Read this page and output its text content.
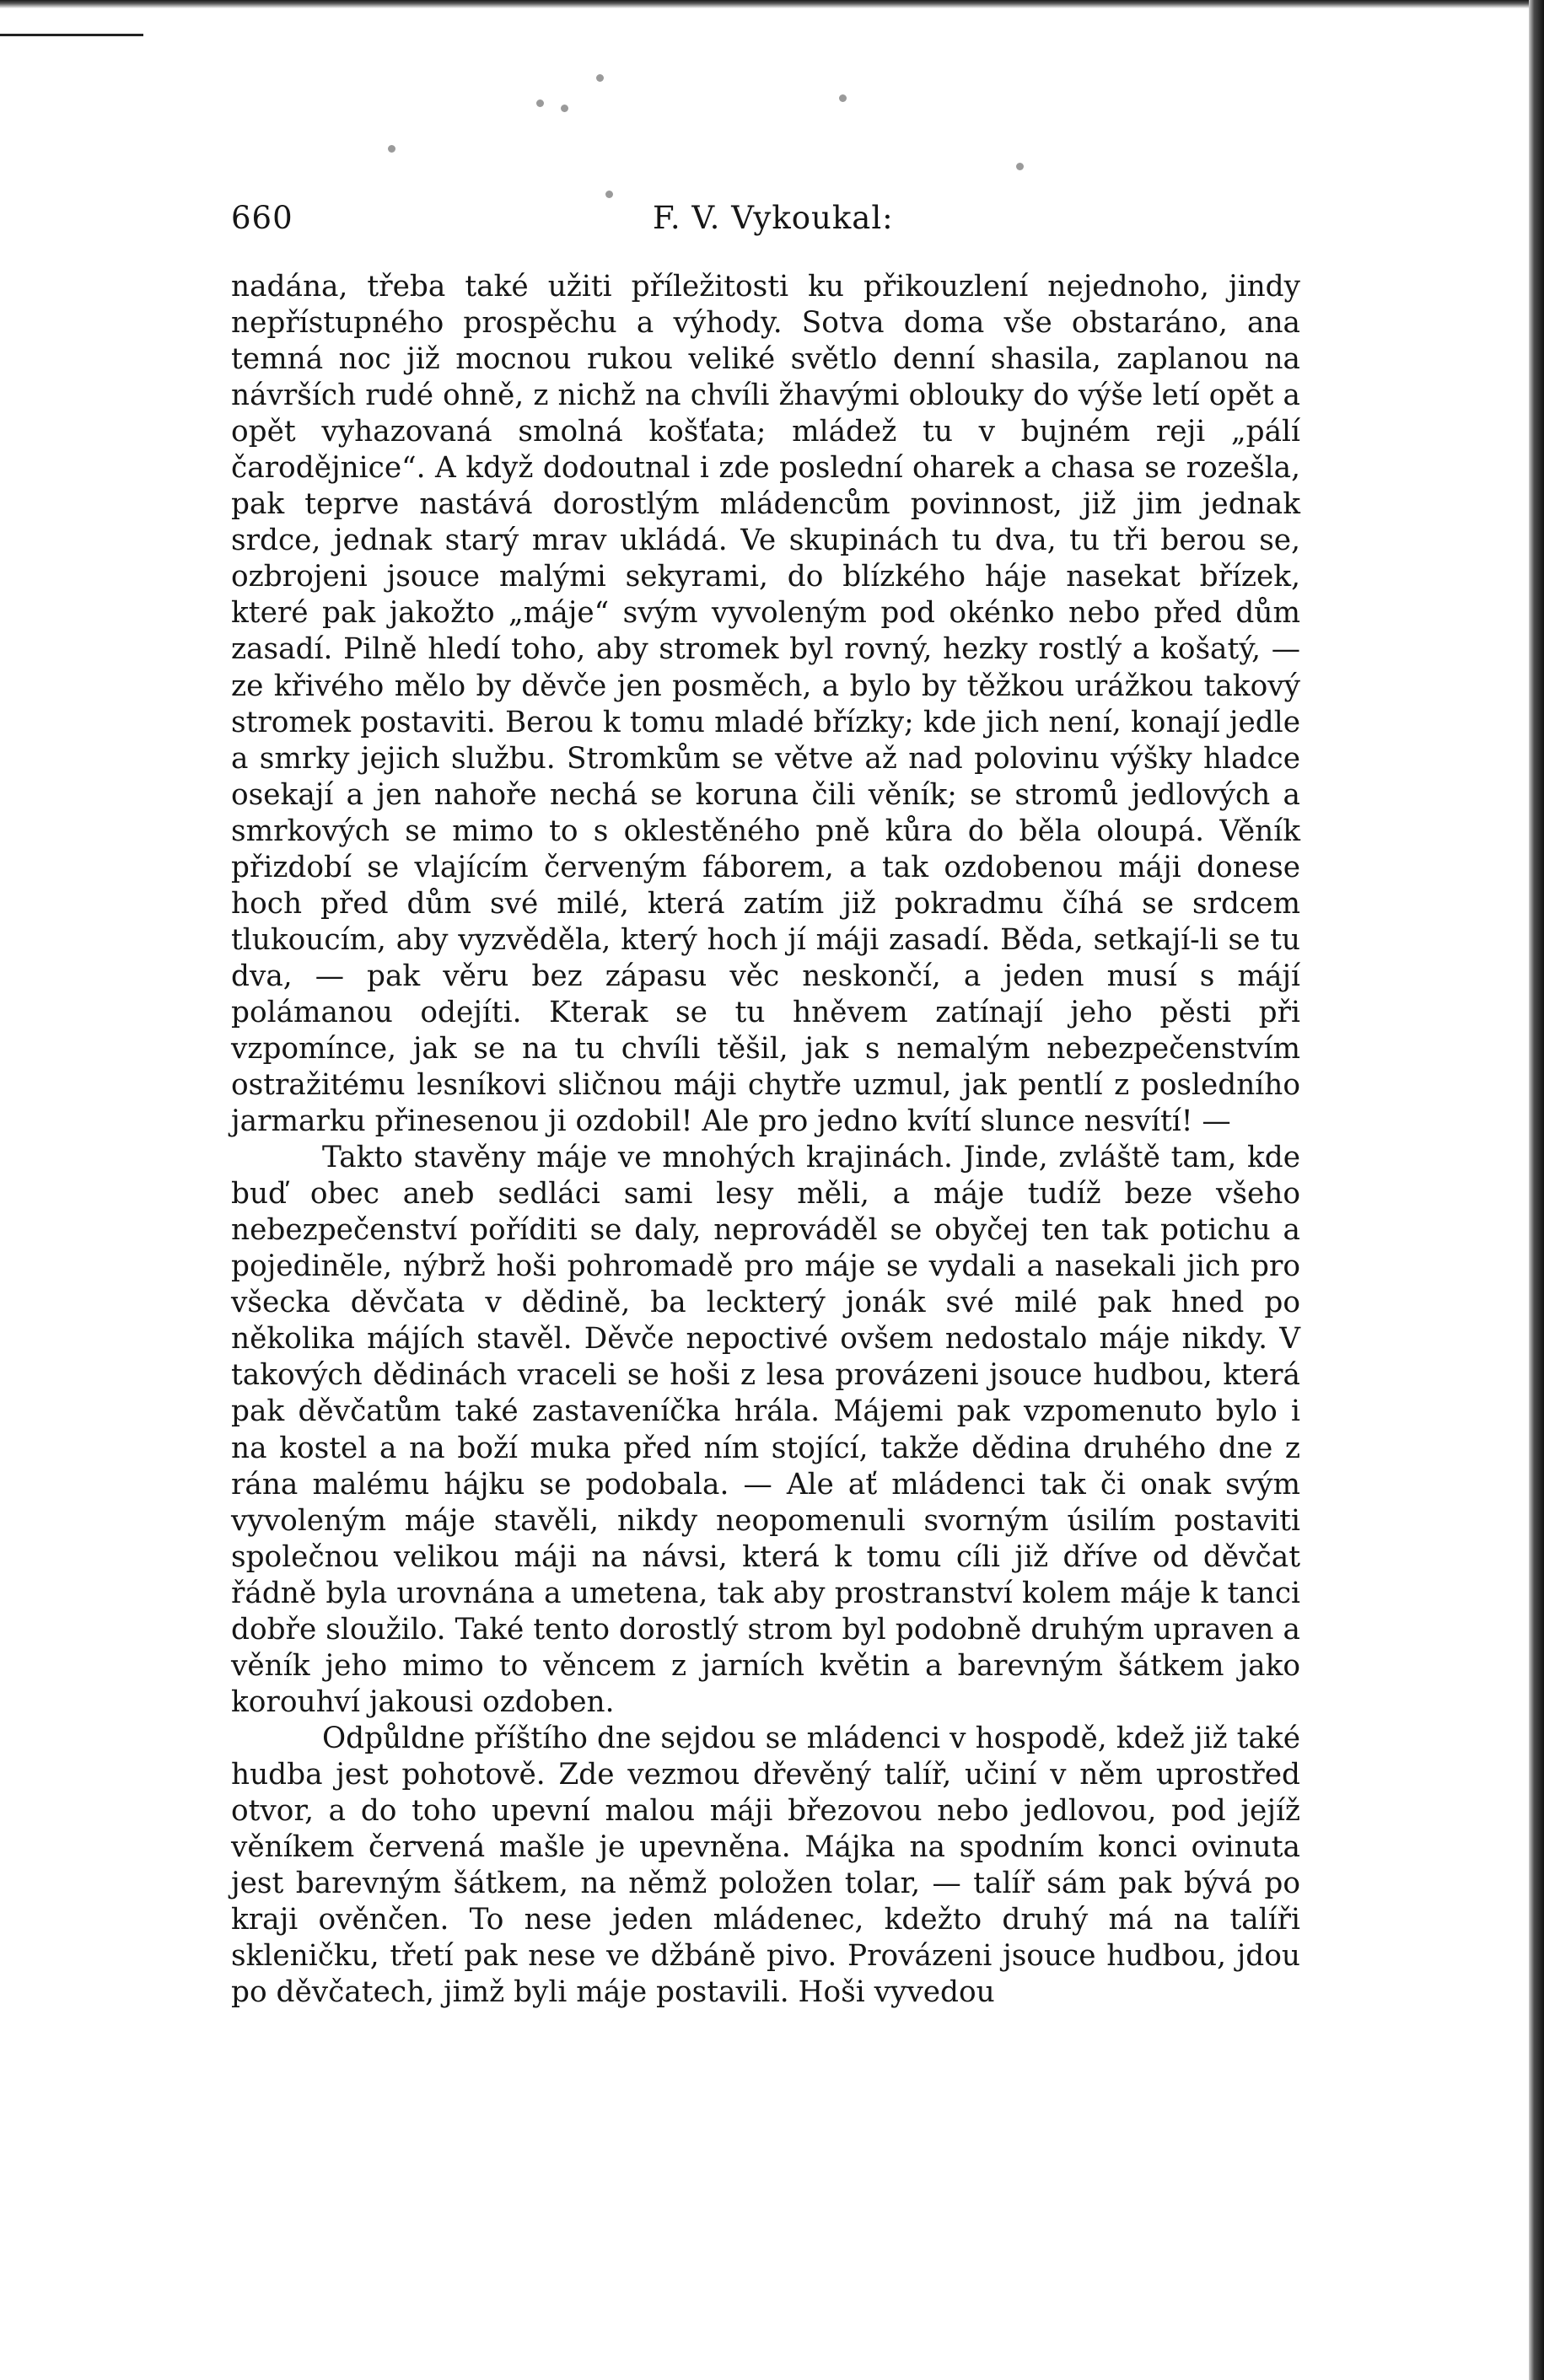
660	F. V. Vykoukal:

nadána, třeba také užiti příležitosti ku přikouzlení nejednoho, jindy nepřístupného prospěchu a výhody. Sotva doma vše obstaráno, ana temná noc již mocnou rukou veliké světlo denní shasila, zaplanou na návrších rudé ohně, z nichž na chvíli žhavými oblouky do výše letí opět a opět vyhazovaná smolná košťata; mládež tu v bujném reji „pálí čarodějnice“. A když dodoutnal i zde poslední oharek a chasa se rozešla, pak teprve nastává dorostlým mládencům povinnost, již jim jednak srdce, jednak starý mrav ukládá. Ve skupinách tu dva, tu tři berou se, ozbrojeni jsouce malými sekyrami, do blízkého háje nasekat břízek, které pak jakožto „máje“ svým vyvoleným pod okénko nebo před dům zasadí. Pilně hledí toho, aby stromek byl rovný, hezky rostlý a košatý, — ze křivého mělo by děvče jen posměch, a bylo by těžkou urážkou takový stromek postaviti. Berou k tomu mladé břízky; kde jich není, konají jedle a smrky jejich službu. Stromkům se větve až nad polovinu výšky hladce osekají a jen nahoře nechá se koruna čili věník; se stromů jedlových a smrkových se mimo to s oklestěného pně kůra do běla oloupá. Věník přizdobí se vlajícím červeným fáborem, a tak ozdobenou máji donese hoch před dům své milé, která zatím již pokradmu číhá se srdcem tlukoucím, aby vyzvěděla, který hoch jí máji zasadí. Běda, setkají-li se tu dva, — pak věru bez zápasu věc neskončí, a jeden musí s májí polámanou odejíti. Kterak se tu hněvem zatínají jeho pěsti při vzpomínce, jak se na tu chvíli těšil, jak s nemalým nebezpečenstvím ostražitému lesníkovi sličnou máji chytře uzmul, jak pentlí z posledního jarmarku přinesenou ji ozdobil! Ale pro jedno kvítí slunce nesvítí! —

Takto stavěny máje ve mnohých krajinách. Jinde, zvláště tam, kde buď obec aneb sedláci sami lesy měli, a máje tudíž beze všeho nebezpečenství poříditi se daly, neprováděl se obyčej ten tak potichu a pojedinĕle, nýbrž hoši pohromadě pro máje se vydali a nasekali jich pro všecka děvčata v dědině, ba leckterý jonák své milé pak hned po několika májích stavěl. Děvče nepoctivé ovšem nedostalo máje nikdy. V takových dědinách vraceli se hoši z lesa provázeni jsouce hudbou, která pak děvčatům také zastaveníčka hrála. Májemi pak vzpomenuto bylo i na kostel a na boží muka před ním stojící, takže dědina druhého dne z rána malému hájku se podobala. — Ale ať mládenci tak či onak svým vyvoleným máje stavěli, nikdy neopomenuli svorným úsilím postaviti společnou velikou máji na návsi, která k tomu cíli již dříve od děvčat řádně byla urovnána a umetena, tak aby prostranství kolem máje k tanci dobře sloužilo. Také tento dorostlý strom byl podobně druhým upraven a věník jeho mimo to věncem z jarních květin a barevným šátkem jako korouhví jakousi ozdoben.

Odpůldne příštího dne sejdou se mládenci v hospodě, kdež již také hudba jest pohotově. Zde vezmou dřevěný talíř, učiní v něm uprostřed otvor, a do toho upevní malou máji březovou nebo jedlovou, pod jejíž věníkem červená mašle je upevněna. Májka na spodním konci ovinuta jest barevným šátkem, na němž položen tolar, — talíř sám pak bývá po kraji ověnčen. To nese jeden mládenec, kdežto druhý má na talíři skleničku, třetí pak nese ve džbáně pivo. Provázeni jsouce hudbou, jdou po děvčatech, jimž byli máje postavili. Hoši vyvedou
